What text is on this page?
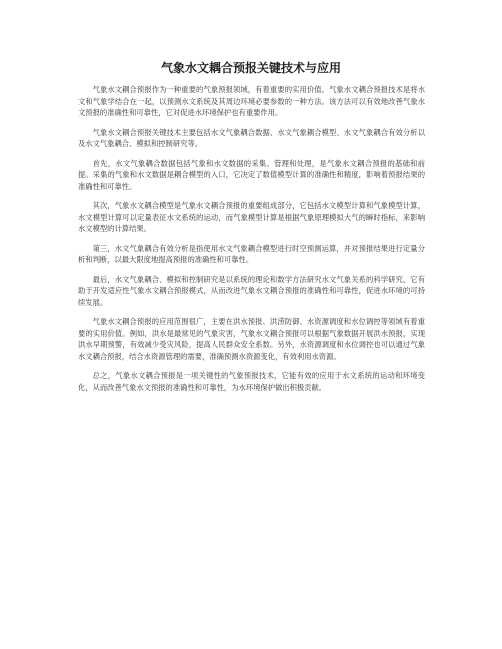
气象水文耦合预报关键技术与应用

气象水文耦合预报作为一种重要的气象预报领域，有着重要的实用价值。气象水文耦合预报技术是将水文和气象学结合在一起，以预测水文系统及其周边环境必要参数的一种方法。该方法可以有效地改善气象水文预报的准确性和可靠性，它对促进水环境保护也有重要作用。

气象水文耦合预报关键技术主要包括水文气象耦合数据、水文气象耦合模型、水文气象耦合有效分析以及水文气象耦合、模拟和控制研究等。

首先，水文气象耦合数据包括气象和水文数据的采集、管理和处理，是气象水文耦合预报的基础和前提。采集的气象和水文数据是耦合模型的入口，它决定了数值模型计算的准确性和精度，影响着预报结果的准确性和可靠性。

其次，气象水文耦合模型是气象水文耦合预报的重要组成部分，它包括水文模型计算和气象模型计算，水文模型计算可以定量表征水文系统的运动，而气象模型计算是根据气象原理模拟大气的瞬时指标，来影响水文模型的计算结果。

第三，水文气象耦合有效分析是指使用水文气象耦合模型进行时空预测运算，并对预报结果进行定量分析和判断，以最大限度地提高预报的准确性和可靠性。

最后，水文气象耦合、模拟和控制研究是以系统的理论和数学方法研究水文气象关系的科学研究，它有助于开发适应性气象水文耦合预报模式，从而改进气象水文耦合预报的准确性和可靠性，促进水环境的可持续发展。

气象水文耦合预报的应用范围很广，主要在洪水预报、洪涝防御、水资源调度和水位调控等领域有着重要的实用价值。例如，洪水是最常见的气象灾害，气象水文耦合预报可以根据气象数据开展洪水预报，实现洪水早期预警，有效减少受灾风险，提高人民群众安全系数。另外，水资源调度和水位调控也可以通过气象水文耦合预报，结合水资源管理的需要，准确预测水资源变化，有效利用水资源。

总之，气象水文耦合预报是一项关键性的气象预报技术，它能有效的应用于水文系统的运动和环境变化，从而改善气象水文预报的准确性和可靠性，为水环境保护做出积极贡献。
